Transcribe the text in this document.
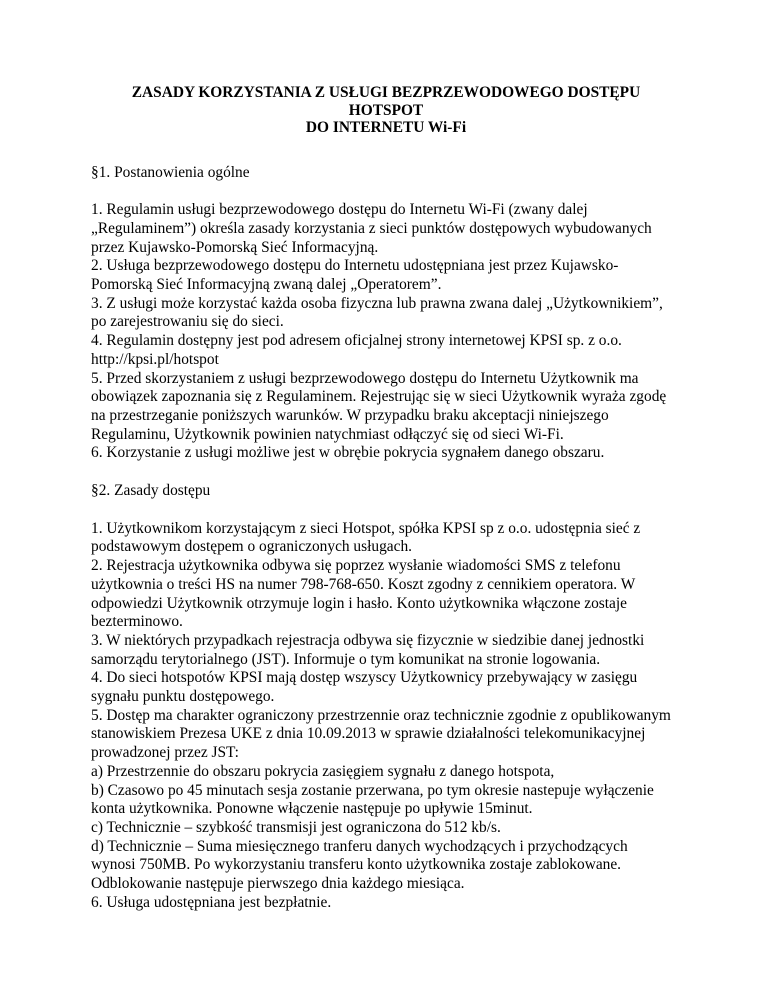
ZASADY KORZYSTANIA Z USŁUGI BEZPRZEWODOWEGO DOSTĘPU
HOTSPOT
DO INTERNETU Wi-Fi
§1. Postanowienia ogólne
1. Regulamin usługi bezprzewodowego dostępu do Internetu Wi-Fi (zwany dalej
„Regulaminem”) określa zasady korzystania z sieci punktów dostępowych wybudowanych
przez Kujawsko-Pomorską Sieć Informacyjną.
2. Usługa bezprzewodowego dostępu do Internetu udostępniana jest przez Kujawsko-
Pomorską Sieć Informacyjną zwaną dalej „Operatorem”.
3. Z usługi może korzystać każda osoba fizyczna lub prawna zwana dalej „Użytkownikiem”,
po zarejestrowaniu się do sieci.
4. Regulamin dostępny jest pod adresem oficjalnej strony internetowej KPSI sp. z o.o.
http://kpsi.pl/hotspot
5. Przed skorzystaniem z usługi bezprzewodowego dostępu do Internetu Użytkownik ma
obowiązek zapoznania się z Regulaminem. Rejestrując się w sieci Użytkownik wyraża zgodę
na przestrzeganie poniższych warunków. W przypadku braku akceptacji niniejszego
Regulaminu, Użytkownik powinien natychmiast odłączyć się od sieci Wi-Fi.
6. Korzystanie z usługi możliwe jest w obrębie pokrycia sygnałem danego obszaru.
§2. Zasady dostępu
1. Użytkownikom korzystającym z sieci Hotspot, spółka KPSI sp z o.o. udostępnia sieć z
podstawowym dostępem o ograniczonych usługach.
2. Rejestracja użytkownika odbywa się poprzez wysłanie wiadomości SMS z telefonu
użytkownia o treści HS na numer 798-768-650. Koszt zgodny z cennikiem operatora. W
odpowiedzi Użytkownik otrzymuje login i hasło. Konto użytkownika włączone zostaje
bezterminowo.
3. W niektórych przypadkach rejestracja odbywa się fizycznie w siedzibie danej jednostki
samorządu terytorialnego (JST). Informuje o tym komunikat na stronie logowania.
4. Do sieci hotspotów KPSI mają dostęp wszyscy Użytkownicy przebywający w zasięgu
sygnału punktu dostępowego.
5. Dostęp ma charakter ograniczony przestrzennie oraz technicznie zgodnie z opublikowanym
stanowiskiem Prezesa UKE z dnia 10.09.2013 w sprawie działalności telekomunikacyjnej
prowadzonej przez JST:
a) Przestrzennie do obszaru pokrycia zasięgiem sygnału z danego hotspota,
b) Czasowo po 45 minutach sesja zostanie przerwana, po tym okresie nastepuje wyłączenie
konta użytkownika. Ponowne włączenie następuje po upływie 15minut.
c) Technicznie – szybkość transmisji jest ograniczona do 512 kb/s.
d) Technicznie – Suma miesięcznego tranferu danych wychodzących i przychodzących
wynosi 750MB. Po wykorzystaniu transferu konto użytkownika zostaje zablokowane.
Odblokowanie następuje pierwszego dnia każdego miesiąca.
6. Usługa udostępniana jest bezpłatnie.
